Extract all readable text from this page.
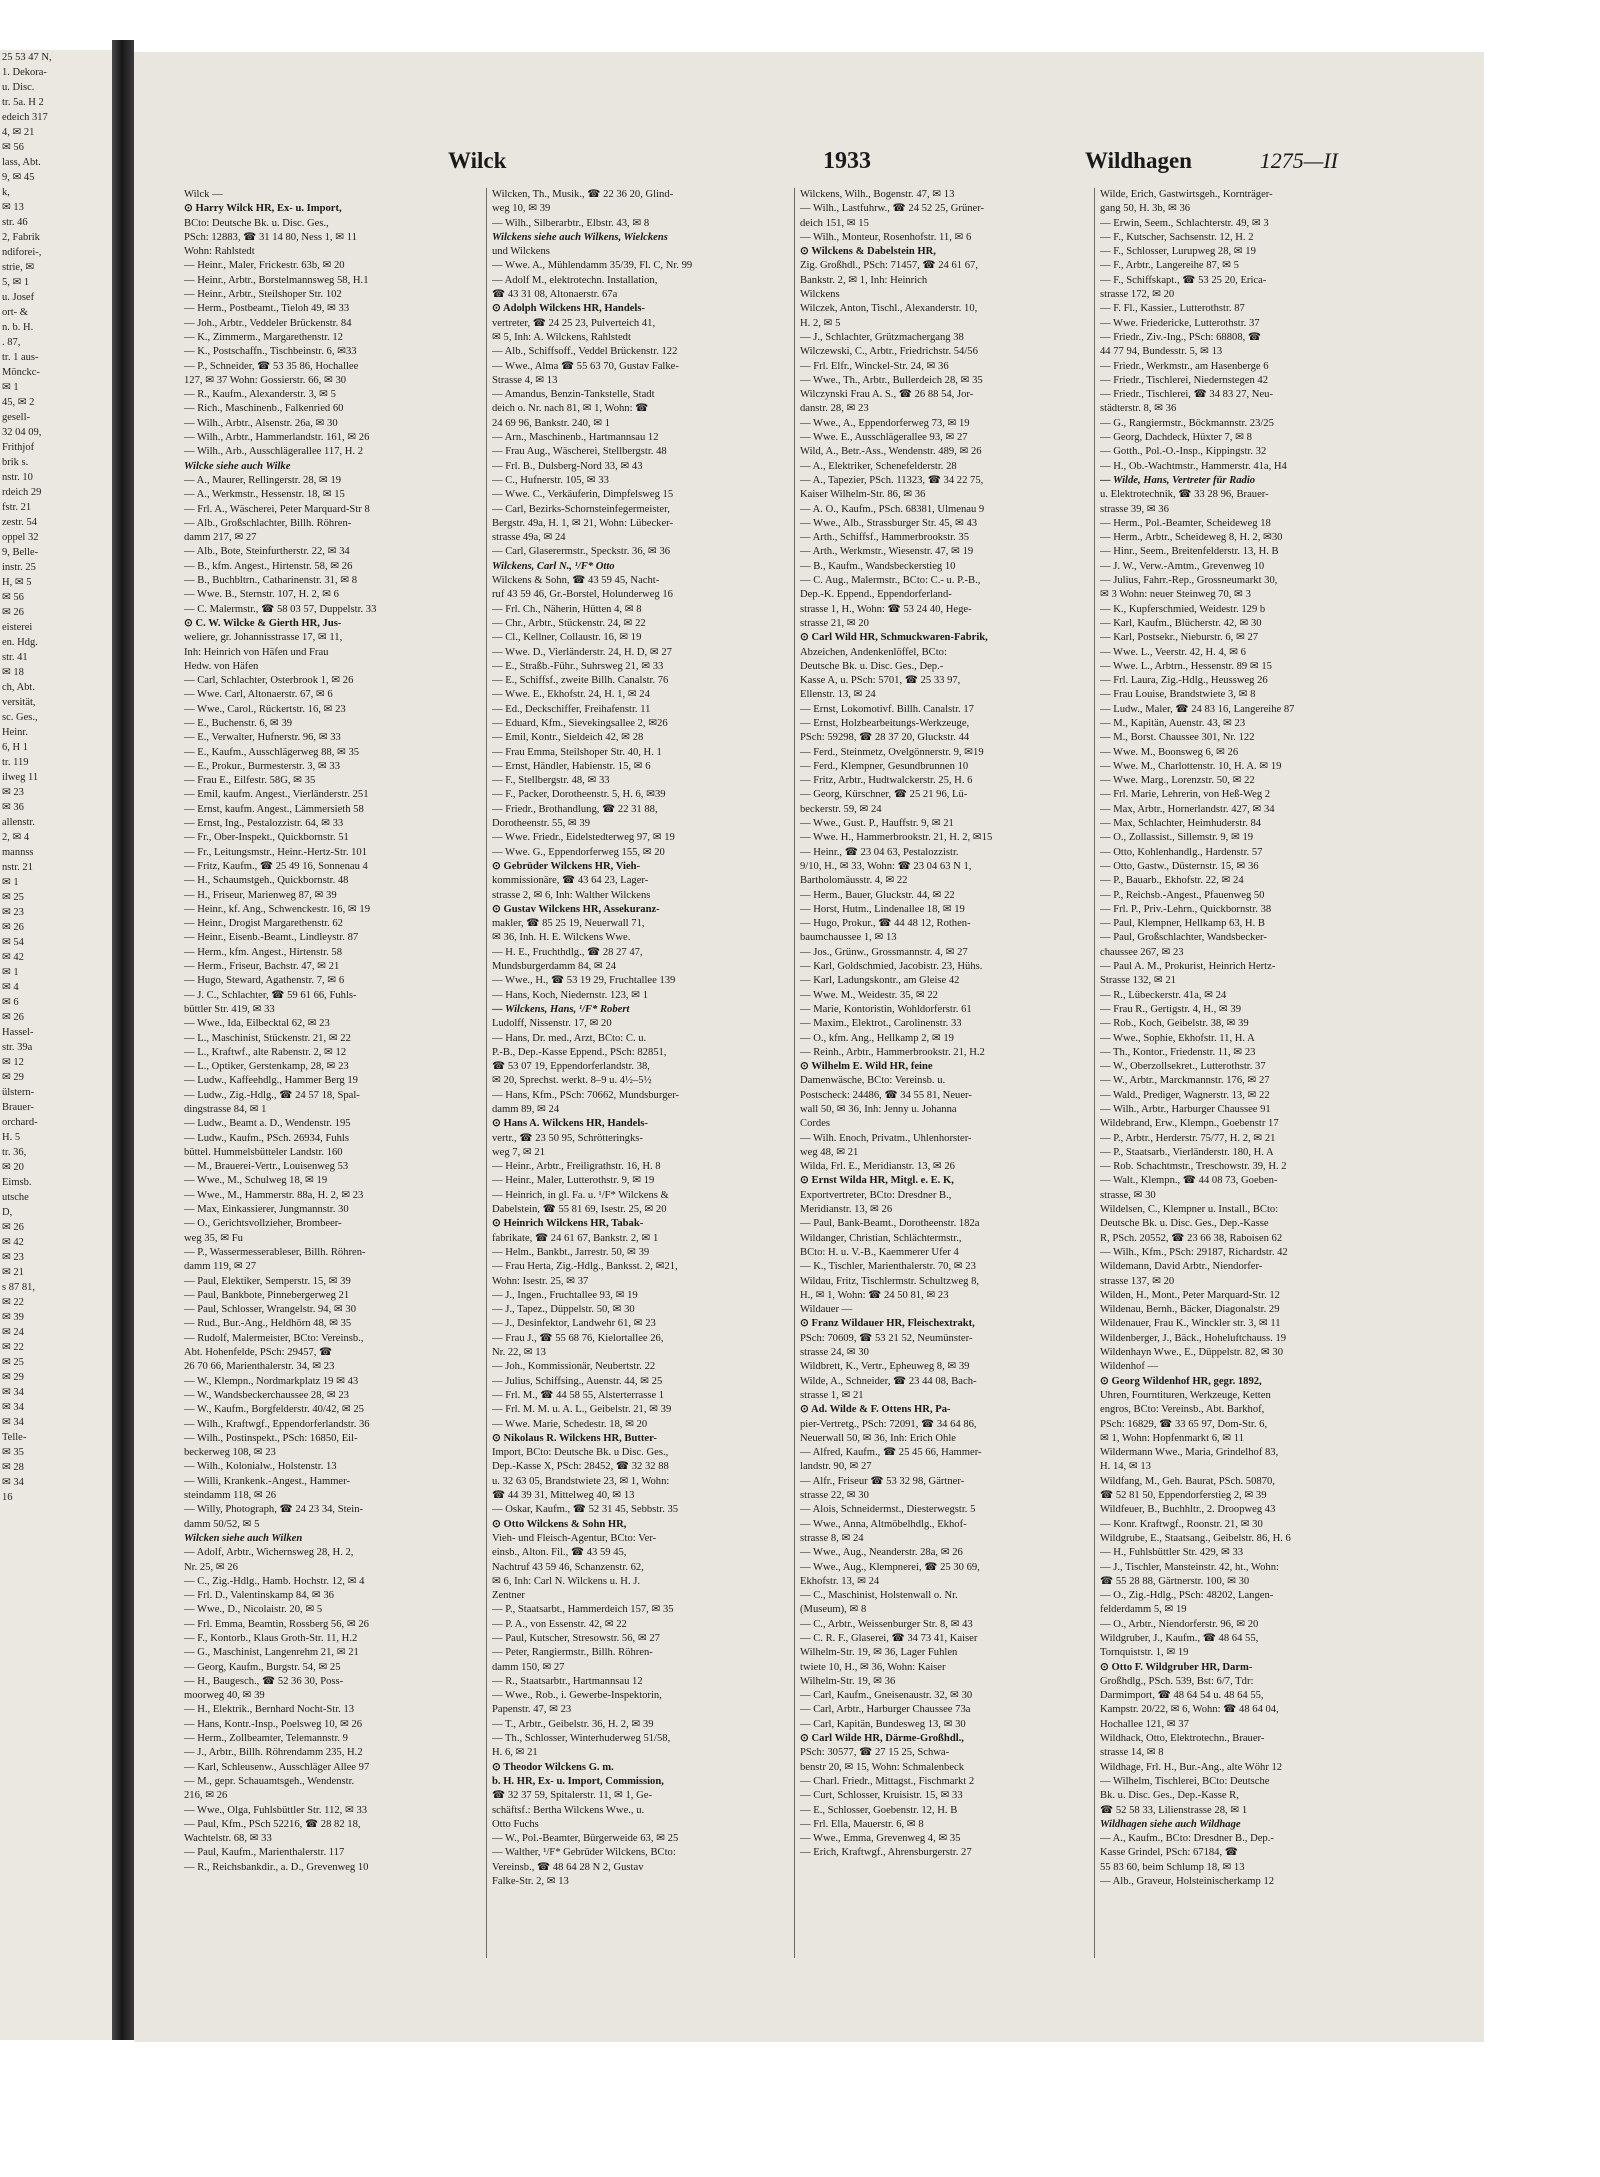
25 53 47 N,
1. Dekora-
u. Disc.
tr. 5a. H 2
edeich 317
4, ✉ 21
✉ 56
lass, Abt.
9, ✉ 45
k,
✉ 13
str. 46
2, Fabrik
ndiforei-,
strie, ✉
5, ✉ 1
u. Josef
ort- &
n. b. H.
. 87,
tr. 1 aus-
Mönckc-
✉ 1
45, ✉ 2
gesell-
32 04 09,
Frithjof
brik s.
nstr. 10
rdeich 29
fstr. 21
zestr. 54
oppel 32
9, Belle-
instr. 25
H, ✉ 5
✉ 56
✉ 26
eisterei
en. Hdg.
str. 41
✉ 18
ch, Abt.
versität,
sc. Ges.,
Heinr.
6, H 1
tr. 119
ilweg 11
✉ 23
✉ 36
allenstr.
2, ✉ 4
mannss
nstr. 21
✉ 1
✉ 25
✉ 23
✉ 26
✉ 54
✉ 42
✉ 1
✉ 4
✉ 6
✉ 26
Hassel-
str. 39a
✉ 12
✉ 29
ülstern-
Brauer-
orchard-
H. 5
tr. 36,
✉ 20
Eimsb.
utsche
D,
✉ 26
✉ 42
✉ 23
✉ 21
s 87 81,
✉ 22
✉ 39
✉ 24
✉ 22
✉ 25
✉ 29
✉ 34
✉ 34
✉ 34
Telle-
✉ 35
✉ 28
✉ 34
16
Wilck	1933	Wildhagen	1275—II

Wilck —

⊙ Harry Wilck HR, Ex- u. Import,

BCto: Deutsche Bk. u. Disc. Ges.,

PSch: 12883, ☎ 31 14 80, Ness 1, ✉ 11

Wohn: Rahlstedt

— Heinr., Maler, Frickestr. 63b, ✉ 20

— Heinr., Arbtr., Borstelmannsweg 58, H.1

— Heinr., Arbtr., Steilshoper Str. 102

— Herm., Postbeamt., Tieloh 49, ✉ 33

— Joh., Arbtr., Veddeler Brückenstr. 84

— K., Zimmerm., Margarethenstr. 12

— K., Postschaffn., Tischbeinstr. 6, ✉33

— P., Schneider, ☎ 53 35 86, Hochallee

127, ✉ 37 Wohn: Gossierstr. 66, ✉ 30

— R., Kaufm., Alexanderstr. 3, ✉ 5

— Rich., Maschinenb., Falkenried 60

— Wilh., Arbtr., Alsenstr. 26a, ✉ 30

— Wilh., Arbtr., Hammerlandstr. 161, ✉ 26

— Wilh., Arb., Ausschlägerallee 117, H. 2

Wilcke siehe auch Wilke

— A., Maurer, Rellingerstr. 28, ✉ 19

— A., Werkmstr., Hessenstr. 18, ✉ 15

— Frl. A., Wäscherei, Peter Marquard-Str 8

— Alb., Großschlachter, Billh. Röhren-

damm 217, ✉ 27

— Alb., Bote, Steinfurtherstr. 22, ✉ 34

— B., kfm. Angest., Hirtenstr. 58, ✉ 26

— B., Buchbltrn., Catharinenstr. 31, ✉ 8

— Wwe. B., Sternstr. 107, H. 2, ✉ 6

— C. Malermstr., ☎ 58 03 57, Duppelstr. 33

⊙ C. W. Wilcke & Gierth HR, Jus-

weliere, gr. Johannisstrasse 17, ✉ 11,

Inh: Heinrich von Häfen und Frau

Hedw. von Häfen

— Carl, Schlachter, Osterbrook 1, ✉ 26

— Wwe. Carl, Altonaerstr. 67, ✉ 6

— Wwe., Carol., Rückertstr. 16, ✉ 23

— E., Buchenstr. 6, ✉ 39

— E., Verwalter, Hufnerstr. 96, ✉ 33

— E., Kaufm., Ausschlägerweg 88, ✉ 35

— E., Prokur., Burmesterstr. 3, ✉ 33

— Frau E., Eilfestr. 58G, ✉ 35

— Emil, kaufm. Angest., Vierländerstr. 251

— Ernst, kaufm. Angest., Lämmersieth 58

— Ernst, Ing., Pestalozzistr. 64, ✉ 33

— Fr., Ober-Inspekt., Quickbornstr. 51

— Fr., Leitungsmstr., Heinr.-Hertz-Str. 101

— Fritz, Kaufm., ☎ 25 49 16, Sonnenau 4

— H., Schaumstgeh., Quickbornstr. 48

— H., Friseur, Marienweg 87, ✉ 39

— Heinr., kf. Ang., Schwenckestr. 16, ✉ 19

— Heinr., Drogist Margarethenstr. 62

— Heinr., Eisenb.-Beamt., Lindleystr. 87

— Herm., kfm. Angest., Hirtenstr. 58

— Herm., Friseur, Bachstr. 47, ✉ 21

— Hugo, Steward, Agathenstr. 7, ✉ 6

— J. C., Schlachter, ☎ 59 61 66, Fuhls-

büttler Str. 419, ✉ 33

— Wwe., Ida, Eilbecktal 62, ✉ 23

— L., Maschinist, Stückenstr. 21, ✉ 22

— L., Kraftwf., alte Rabenstr. 2, ✉ 12

— L., Optiker, Gerstenkamp, 28, ✉ 23

— Ludw., Kaffeehdlg., Hammer Berg 19

— Ludw., Zig.-Hdlg., ☎ 24 57 18, Spal-

dingstrasse 84, ✉ 1

— Ludw., Beamt a. D., Wendenstr. 195

— Ludw., Kaufm., PSch. 26934, Fuhls

büttel. Hummelsbütteler Landstr. 160

— M., Brauerei-Vertr., Louisenweg 53

— Wwe., M., Schulweg 18, ✉ 19

— Wwe., M., Hammerstr. 88a, H. 2, ✉ 23

— Max, Einkassierer, Jungmannstr. 30

— O., Gerichtsvollzieher, Brombeer-

weg 35, ✉ Fu

— P., Wassermesserableser, Billh. Röhren-

damm 119, ✉ 27

— Paul, Elektiker, Semperstr. 15, ✉ 39

— Paul, Bankbote, Pinnebergerweg 21

— Paul, Schlosser, Wrangelstr. 94, ✉ 30

— Rud., Bur.-Ang., Heldhörn 48, ✉ 35

— Rudolf, Malermeister, BCto: Vereinsb.,

Abt. Hohenfelde, PSch: 29457, ☎

26 70 66, Marienthalerstr. 34, ✉ 23

— W., Klempn., Nordmarkplatz 19 ✉ 43

— W., Wandsbeckerchaussee 28, ✉ 23

— W., Kaufm., Borgfelderstr. 40/42, ✉ 25

— Wilh., Kraftwgf., Eppendorferlandstr. 36

— Wilh., Postinspekt., PSch: 16850, Eil-

beckerweg 108, ✉ 23

— Wilh., Kolonialw., Holstenstr. 13

— Willi, Krankenk.-Angest., Hammer-

steindamm 118, ✉ 26

— Willy, Photograph, ☎ 24 23 34, Stein-

damm 50/52, ✉ 5

Wilcken siehe auch Wilken

— Adolf, Arbtr., Wichernsweg 28, H. 2,

Nr. 25, ✉ 26

— C., Zig.-Hdlg., Hamb. Hochstr. 12, ✉ 4

— Frl. D., Valentinskamp 84, ✉ 36

— Wwe., D., Nicolaistr. 20, ✉ 5

— Frl. Emma, Beamtin, Rossberg 56, ✉ 26

— F., Kontorb., Klaus Groth-Str. 11, H.2

— G., Maschinist, Langenrehm 21, ✉ 21

— Georg, Kaufm., Burgstr. 54, ✉ 25

— H., Baugesch., ☎ 52 36 30, Poss-

moorweg 40, ✉ 39

— H., Elektrik., Bernhard Nocht-Str. 13

— Hans, Kontr.-Insp., Poelsweg 10, ✉ 26

— Herm., Zollbeamter, Telemannstr. 9

— J., Arbtr., Billh. Röhrendamm 235, H.2

— Karl, Schleusenw., Ausschläger Allee 97

— M., gepr. Schauamtsgeh., Wendenstr.

216, ✉ 26

— Wwe., Olga, Fuhlsbüttler Str. 112, ✉ 33

— Paul, Kfm., PSch 52216, ☎ 28 82 18,

Wachtelstr. 68, ✉ 33

— Paul, Kaufm., Marienthalerstr. 117

— R., Reichsbankdir., a. D., Grevenweg 10

Wilcken, Th., Musik., ☎ 22 36 20, Glind-

weg 10, ✉ 39

— Wilh., Silberarbtr., Elbstr. 43, ✉ 8

Wilckens siehe auch Wilkens, Wielckens

und Wilckens

— Wwe. A., Mühlendamm 35/39, Fl. C, Nr. 99

— Adolf M., elektrotechn. Installation,

☎ 43 31 08, Altonaerstr. 67a

⊙ Adolph Wilckens HR, Handels-

vertreter, ☎ 24 25 23, Pulverteich 41,

✉ 5, Inh: A. Wilckens, Rahlstedt

— Alb., Schiffsoff., Veddel Brückenstr. 122

— Wwe., Alma ☎ 55 63 70, Gustav Falke-

Strasse 4, ✉ 13

— Amandus, Benzin-Tankstelle, Stadt

deich o. Nr. nach 81, ✉ 1, Wohn: ☎

24 69 96, Bankstr. 240, ✉ 1

— Arn., Maschinenb., Hartmannsau 12

— Frau Aug., Wäscherei, Stellbergstr. 48

— Frl. B., Dulsberg-Nord 33, ✉ 43

— C., Hufnerstr. 105, ✉ 33

— Wwe. C., Verkäuferin, Dimpfelsweg 15

— Carl, Bezirks-Schornsteinfegermeister,

Bergstr. 49a, H. 1, ✉ 21, Wohn: Lübecker-

strasse 49a, ✉ 24

— Carl, Glaserermstr., Speckstr. 36, ✉ 36

Wilckens, Carl N., ¹/F* Otto

Wilckens & Sohn, ☎ 43 59 45, Nacht-

ruf 43 59 46, Gr.-Borstel, Holunderweg 16

— Frl. Ch., Näherin, Hütten 4, ✉ 8

— Chr., Arbtr., Stückenstr. 24, ✉ 22

— Cl., Kellner, Collaustr. 16, ✉ 19

— Wwe. D., Vierländerstr. 24, H. D, ✉ 27

— E., Straßb.-Führ., Suhrsweg 21, ✉ 33

— E., Schiffsf., zweite Billh. Canalstr. 76

— Wwe. E., Ekhofstr. 24, H. 1, ✉ 24

— Ed., Deckschiffer, Freihafenstr. 11

— Eduard, Kfm., Sievekingsallee 2, ✉26

— Emil, Kontr., Sieldeich 42, ✉ 28

— Frau Emma, Steilshoper Str. 40, H. 1

— Ernst, Händler, Habienstr. 15, ✉ 6

— F., Stellbergstr. 48, ✉ 33

— F., Packer, Dorotheenstr. 5, H. 6, ✉39

— Friedr., Brothandlung, ☎ 22 31 88,

Dorotheenstr. 55, ✉ 39

— Wwe. Friedr., Eidelstedterweg 97, ✉ 19

— Wwe. G., Eppendorferweg 155, ✉ 20

⊙ Gebrüder Wilckens HR, Vieh-

kommissionäre, ☎ 43 64 23, Lager-

strasse 2, ✉ 6, Inh: Walther Wilckens

⊙ Gustav Wilckens HR, Assekuranz-

makler, ☎ 85 25 19, Neuerwall 71,

✉ 36, Inh. H. E. Wilckens Wwe.

— H. E., Fruchthdlg., ☎ 28 27 47,

Mundsburgerdamm 84, ✉ 24

— Wwe., H., ☎ 53 19 29, Fruchtallee 139

— Hans, Koch, Niedernstr. 123, ✉ 1

— Wilckens, Hans, ¹/F* Robert

Ludolff, Nissenstr. 17, ✉ 20

— Hans, Dr. med., Arzt, BCto: C. u.

P.-B., Dep.-Kasse Eppend., PSch: 82851,

☎ 53 07 19, Eppendorferlandstr. 38,

✉ 20, Sprechst. werkt. 8–9 u. 4½–5½

— Hans, Kfm., PSch: 70662, Mundsburger-

damm 89, ✉ 24

⊙ Hans A. Wilckens HR, Handels-

vertr., ☎ 23 50 95, Schrötteringks-

weg 7, ✉ 21

— Heinr., Arbtr., Freiligrathstr. 16, H. 8

— Heinr., Maler, Lutterothstr. 9, ✉ 19

— Heinrich, in gl. Fa. u. ¹/F* Wilckens &

Dabelstein, ☎ 55 81 69, Isestr. 25, ✉ 20

⊙ Heinrich Wilckens HR, Tabak-

fabrikate, ☎ 24 61 67, Bankstr. 2, ✉ 1

— Helm., Bankbt., Jarrestr. 50, ✉ 39

— Frau Herta, Zig.-Hdlg., Banksst. 2, ✉21,

Wohn: Isestr. 25, ✉ 37

— J., Ingen., Fruchtallee 93, ✉ 19

— J., Tapez., Düppelstr. 50, ✉ 30

— J., Desinfektor, Landwehr 61, ✉ 23

— Frau J., ☎ 55 68 76, Kielortallee 26,

Nr. 22, ✉ 13

— Joh., Kommissionär, Neubertstr. 22

— Julius, Schiffsing., Auenstr. 44, ✉ 25

— Frl. M., ☎ 44 58 55, Alsterterrasse 1

— Frl. M. M. u. A. L., Geibelstr. 21, ✉ 39

— Wwe. Marie, Schedestr. 18, ✉ 20

⊙ Nikolaus R. Wilckens HR, Butter-

Import, BCto: Deutsche Bk. u Disc. Ges.,

Dep.-Kasse X, PSch: 28452, ☎ 32 32 88

u. 32 63 05, Brandstwiete 23, ✉ 1, Wohn:

☎ 44 39 31, Mittelweg 40, ✉ 13

— Oskar, Kaufm., ☎ 52 31 45, Sebbstr. 35

⊙ Otto Wilckens & Sohn HR,

Vieh- und Fleisch-Agentur, BCto: Ver-

einsb., Alton. Fil., ☎ 43 59 45,

Nachtruf 43 59 46, Schanzenstr. 62,

✉ 6, Inh: Carl N. Wilckens u. H. J.

Zentner

— P., Staatsarbt., Hammerdeich 157, ✉ 35

— P. A., von Essenstr. 42, ✉ 22

— Paul, Kutscher, Stresowstr. 56, ✉ 27

— Peter, Rangiermstr., Billh. Röhren-

damm 150, ✉ 27

— R., Staatsarbtr., Hartmannsau 12

— Wwe., Rob., i. Gewerbe-Inspektorin,

Papenstr. 47, ✉ 23

— T., Arbtr., Geibelstr. 36, H. 2, ✉ 39

— Th., Schlosser, Winterhuderweg 51/58,

H. 6, ✉ 21

⊙ Theodor Wilckens G. m.

b. H. HR, Ex- u. Import, Commission,

☎ 32 37 59, Spitalerstr. 11, ✉ 1, Ge-

schäftsf.: Bertha Wilckens Wwe., u.

Otto Fuchs

— W., Pol.-Beamter, Bürgerweide 63, ✉ 25

— Walther, ¹/F* Gebrüder Wilckens, BCto:

Vereinsb., ☎ 48 64 28 N 2, Gustav

Falke-Str. 2, ✉ 13

Wilckens, Wilh., Bogenstr. 47, ✉ 13

— Wilh., Lastfuhrw., ☎ 24 52 25, Grüner-

deich 151, ✉ 15

— Wilh., Monteur, Rosenhofstr. 11, ✉ 6

⊙ Wilckens & Dabelstein HR,

Zig. Großhdl., PSch: 71457, ☎ 24 61 67,

Bankstr. 2, ✉ 1, Inh: Heinrich

Wilckens

Wilczek, Anton, Tischl., Alexanderstr. 10,

H. 2, ✉ 5

— J., Schlachter, Grützmachergang 38

Wilczewski, C., Arbtr., Friedrichstr. 54/56

— Frl. Elfr., Winckel-Str. 24, ✉ 36

— Wwe., Th., Arbtr., Bullerdeich 28, ✉ 35

Wilczynski Frau A. S., ☎ 26 88 54, Jor-

danstr. 28, ✉ 23

— Wwe., A., Eppendorferweg 73, ✉ 19

— Wwe. E., Ausschlägerallee 93, ✉ 27

Wild, A., Betr.-Ass., Wendenstr. 489, ✉ 26

— A., Elektriker, Schenefelderstr. 28

— A., Tapezier, PSch. 11323, ☎ 34 22 75,

Kaiser Wilhelm-Str. 86, ✉ 36

— A. O., Kaufm., PSch. 68381, Ulmenau 9

— Wwe., Alb., Strassburger Str. 45, ✉ 43

— Arth., Schiffsf., Hammerbrookstr. 35

— Arth., Werkmstr., Wiesenstr. 47, ✉ 19

— B., Kaufm., Wandsbeckerstieg 10

— C. Aug., Malermstr., BCto: C.- u. P.-B.,

Dep.-K. Eppend., Eppendorferland-

strasse 1, H., Wohn: ☎ 53 24 40, Hege-

strasse 21, ✉ 20

⊙ Carl Wild HR, Schmuckwaren-Fabrik,

Abzeichen, Andenkenlöffel, BCto:

Deutsche Bk. u. Disc. Ges., Dep.-

Kasse A, u. PSch: 5701, ☎ 25 33 97,

Ellenstr. 13, ✉ 24

— Ernst, Lokomotivf. Billh. Canalstr. 17

— Ernst, Holzbearbeitungs-Werkzeuge,

PSch: 59298, ☎ 28 37 20, Gluckstr. 44

— Ferd., Steinmetz, Ovelgönnerstr. 9, ✉19

— Ferd., Klempner, Gesundbrunnen 10

— Fritz, Arbtr., Hudtwalckerstr. 25, H. 6

— Georg, Kürschner, ☎ 25 21 96, Lü-

beckerstr. 59, ✉ 24

— Wwe., Gust. P., Hauffstr. 9, ✉ 21

— Wwe. H., Hammerbrookstr. 21, H. 2, ✉15

— Heinr., ☎ 23 04 63, Pestalozzistr.

9/10, H., ✉ 33, Wohn: ☎ 23 04 63 N 1,

Bartholomäusstr. 4, ✉ 22

— Herm., Bauer, Gluckstr. 44, ✉ 22

— Horst, Hutm., Lindenallee 18, ✉ 19

— Hugo, Prokur., ☎ 44 48 12, Rothen-

baumchaussee 1, ✉ 13

— Jos., Grünw., Grossmannstr. 4, ✉ 27

— Karl, Goldschmied, Jacobistr. 23, Hühs.

— Karl, Ladungskontr., am Gleise 42

— Wwe. M., Weidestr. 35, ✉ 22

— Marie, Kontoristin, Wohldorferstr. 61

— Maxim., Elektrot., Carolinenstr. 33

— O., kfm. Ang., Hellkamp 2, ✉ 19

— Reinh., Arbtr., Hammerbrookstr. 21, H.2

⊙ Wilhelm E. Wild HR, feine

Damenwäsche, BCto: Vereinsb. u.

Postscheck: 24486, ☎ 34 55 81, Neuer-

wall 50, ✉ 36, Inh: Jenny u. Johanna

Cordes

— Wilh. Enoch, Privatm., Uhlenhorster-

weg 48, ✉ 21

Wilda, Frl. E., Meridianstr. 13, ✉ 26

⊙ Ernst Wilda HR, Mitgl. e. E. K,

Exportvertreter, BCto: Dresdner B.,

Meridianstr. 13, ✉ 26

— Paul, Bank-Beamt., Dorotheenstr. 182a

Wildanger, Christian, Schlächtermstr.,

BCto: H. u. V.-B., Kaemmerer Ufer 4

— K., Tischler, Marienthalerstr. 70, ✉ 23

Wildau, Fritz, Tischlermstr. Schultzweg 8,

H., ✉ 1, Wohn: ☎ 24 50 81, ✉ 23

Wildauer —

⊙ Franz Wildauer HR, Fleischextrakt,

PSch: 70609, ☎ 53 21 52, Neumünster-

strasse 24, ✉ 30

Wildbrett, K., Vertr., Epheuweg 8, ✉ 39

Wilde, A., Schneider, ☎ 23 44 08, Bach-

strasse 1, ✉ 21

⊙ Ad. Wilde & F. Ottens HR, Pa-

pier-Vertretg., PSch: 72091, ☎ 34 64 86,

Neuerwall 50, ✉ 36, Inh: Erich Ohle

— Alfred, Kaufm., ☎ 25 45 66, Hammer-

landstr. 90, ✉ 27

— Alfr., Friseur ☎ 53 32 98, Gärtner-

strasse 22, ✉ 30

— Alois, Schneidermst., Diesterwegstr. 5

— Wwe., Anna, Altmöbelhdlg., Ekhof-

strasse 8, ✉ 24

— Wwe., Aug., Neanderstr. 28a, ✉ 26

— Wwe., Aug., Klempnerei, ☎ 25 30 69,

Ekhofstr. 13, ✉ 24

— C., Maschinist, Holstenwall o. Nr.

(Museum), ✉ 8

— C., Arbtr., Weissenburger Str. 8, ✉ 43

— C. R. F., Glaserei, ☎ 34 73 41, Kaiser

Wilhelm-Str. 19, ✉ 36, Lager Fuhlen

twiete 10, H., ✉ 36, Wohn: Kaiser

Wilhelm-Str. 19, ✉ 36

— Carl, Kaufm., Gneisenaustr. 32, ✉ 30

— Carl, Arbtr., Harburger Chaussee 73a

— Carl, Kapitän, Bundesweg 13, ✉ 30

⊙ Carl Wilde HR, Därme-Großhdl.,

PSch: 30577, ☎ 27 15 25, Schwa-

benstr 20, ✉ 15, Wohn: Schmalenbeck

— Charl. Friedr., Mittagst., Fischmarkt 2

— Curt, Schlosser, Kruisistr. 15, ✉ 33

— E., Schlosser, Goebenstr. 12, H. B

— Frl. Ella, Mauerstr. 6, ✉ 8

— Wwe., Emma, Grevenweg 4, ✉ 35

— Erich, Kraftwgf., Ahrensburgerstr. 27

Wilde, Erich, Gastwirtsgeh., Kornträger-

gang 50, H. 3b, ✉ 36

— Erwin, Seem., Schlachterstr. 49, ✉ 3

— F., Kutscher, Sachsenstr. 12, H. 2

— F., Schlosser, Lurupweg 28, ✉ 19

— F., Arbtr., Langereihe 87, ✉ 5

— F., Schiffskapt., ☎ 53 25 20, Erica-

strasse 172, ✉ 20

— F. Fl., Kassier., Lutterothstr. 87

— Wwe. Friedericke, Lutterothstr. 37

— Friedr., Ziv.-Ing., PSch: 68808, ☎

44 77 94, Bundesstr. 5, ✉ 13

— Friedr., Werkmstr., am Hasenberge 6

— Friedr., Tischlerei, Niedernstegen 42

— Friedr., Tischlerei, ☎ 34 83 27, Neu-

städterstr. 8, ✉ 36

— G., Rangiermstr., Böckmannstr. 23/25

— Georg, Dachdeck, Hüxter 7, ✉ 8

— Gotth., Pol.-O.-Insp., Kippingstr. 32

— H., Ob.-Wachtmstr., Hammerstr. 41a, H4

— Wilde, Hans, Vertreter für Radio

u. Elektrotechnik, ☎ 33 28 96, Brauer-

strasse 39, ✉ 36

— Herm., Pol.-Beamter, Scheideweg 18

— Herm., Arbtr., Scheideweg 8, H. 2, ✉30

— Hinr., Seem., Breitenfelderstr. 13, H. B

— J. W., Verw.-Amtm., Grevenweg 10

— Julius, Fahrr.-Rep., Grossneumarkt 30,

✉ 3 Wohn: neuer Steinweg 70, ✉ 3

— K., Kupferschmied, Weidestr. 129 b

— Karl, Kaufm., Blücherstr. 42, ✉ 30

— Karl, Postsekr., Nieburstr. 6, ✉ 27

— Wwe. L., Veerstr. 42, H. 4, ✉ 6

— Wwe. L., Arbtrn., Hessenstr. 89 ✉ 15

— Frl. Laura, Zig.-Hdlg., Heussweg 26

— Frau Louise, Brandstwiete 3, ✉ 8

— Ludw., Maler, ☎ 24 83 16, Langereihe 87

— M., Kapitän, Auenstr. 43, ✉ 23

— M., Borst. Chaussee 301, Nr. 122

— Wwe. M., Boonsweg 6, ✉ 26

— Wwe. M., Charlottenstr. 10, H. A. ✉ 19

— Wwe. Marg., Lorenzstr. 50, ✉ 22

— Frl. Marie, Lehrerin, von Heß-Weg 2

— Max, Arbtr., Hornerlandstr. 427, ✉ 34

— Max, Schlachter, Heimhuderstr. 84

— O., Zollassist., Sillemstr. 9, ✉ 19

— Otto, Kohlenhandlg., Hardenstr. 57

— Otto, Gastw., Düsternstr. 15, ✉ 36

— P., Bauarb., Ekhofstr. 22, ✉ 24

— P., Reichsb.-Angest., Pfauenweg 50

— Frl. P., Priv.-Lehrn., Quickbornstr. 38

— Paul, Klempner, Hellkamp 63, H. B

— Paul, Großschlachter, Wandsbecker-

chaussee 267, ✉ 23

— Paul A. M., Prokurist, Heinrich Hertz-

Strasse 132, ✉ 21

— R., Lübeckerstr. 41a, ✉ 24

— Frau R., Gertigstr. 4, H., ✉ 39

— Rob., Koch, Geibelstr. 38, ✉ 39

— Wwe., Sophie, Ekhofstr. 11, H. A

— Th., Kontor., Friedenstr. 11, ✉ 23

— W., Oberzollsekret., Lutterothstr. 37

— W., Arbtr., Marckmannstr. 176, ✉ 27

— Wald., Prediger, Wagnerstr. 13, ✉ 22

— Wilh., Arbtr., Harburger Chaussee 91

Wildebrand, Erw., Klempn., Goebenstr 17

— P., Arbtr., Herderstr. 75/77, H. 2, ✉ 21

— P., Staatsarb., Vierländerstr. 180, H. A

— Rob. Schachtmstr., Treschowstr. 39, H. 2

— Walt., Klempn., ☎ 44 08 73, Goeben-

strasse, ✉ 30

Wildelsen, C., Klempner u. Install., BCto:

Deutsche Bk. u. Disc. Ges., Dep.-Kasse

R, PSch. 20552, ☎ 23 66 38, Raboisen 62

— Wilh., Kfm., PSch: 29187, Richardstr. 42

Wildemann, David Arbtr., Niendorfer-

strasse 137, ✉ 20

Wilden, H., Mont., Peter Marquard-Str. 12

Wildenau, Bernh., Bäcker, Diagonalstr. 29

Wildenauer, Frau K., Winckler str. 3, ✉ 11

Wildenberger, J., Bäck., Hoheluftchauss. 19

Wildenhayn Wwe., E., Düppelstr. 82, ✉ 30

Wildenhof —

⊙ Georg Wildenhof HR, gegr. 1892,

Uhren, Fourntituren, Werkzeuge, Ketten

engros, BCto: Vereinsb., Abt. Barkhof,

PSch: 16829, ☎ 33 65 97, Dom-Str. 6,

✉ 1, Wohn: Hopfenmarkt 6, ✉ 11

Wildermann Wwe., Maria, Grindelhof 83,

H. 14, ✉ 13

Wildfang, M., Geh. Baurat, PSch. 50870,

☎ 52 81 50, Eppendorferstieg 2, ✉ 39

Wildfeuer, B., Buchhltr., 2. Droopweg 43

— Konr. Kraftwgf., Roonstr. 21, ✉ 30

Wildgrube, E., Staatsang., Geibelstr. 86, H. 6

— H., Fuhlsbüttler Str. 429, ✉ 33

— J., Tischler, Mansteinstr. 42, ht., Wohn:

☎ 55 28 88, Gärtnerstr. 100, ✉ 30

— O., Zig.-Hdlg., PSch: 48202, Langen-

felderdamm 5, ✉ 19

— O., Arbtr., Niendorferstr. 96, ✉ 20

Wildgruber, J., Kaufm., ☎ 48 64 55,

Tornquiststr. 1, ✉ 19

⊙ Otto F. Wildgruber HR, Darm-

Großhdlg., PSch. 539, Bst: 6/7, Tdr:

Darmimport, ☎ 48 64 54 u. 48 64 55,

Kampstr. 20/22, ✉ 6, Wohn: ☎ 48 64 04,

Hochallee 121, ✉ 37

Wildhack, Otto, Elektrotechn., Brauer-

strasse 14, ✉ 8

Wildhage, Frl. H., Bur.-Ang., alte Wöhr 12

— Wilhelm, Tischlerei, BCto: Deutsche

Bk. u. Disc. Ges., Dep.-Kasse R,

☎ 52 58 33, Lilienstrasse 28, ✉ 1

Wildhagen siehe auch Wildhage

— A., Kaufm., BCto: Dresdner B., Dep.-

Kasse Grindel, PSch: 67184, ☎

55 83 60, beim Schlump 18, ✉ 13

— Alb., Graveur, Holsteinischerkamp 12
